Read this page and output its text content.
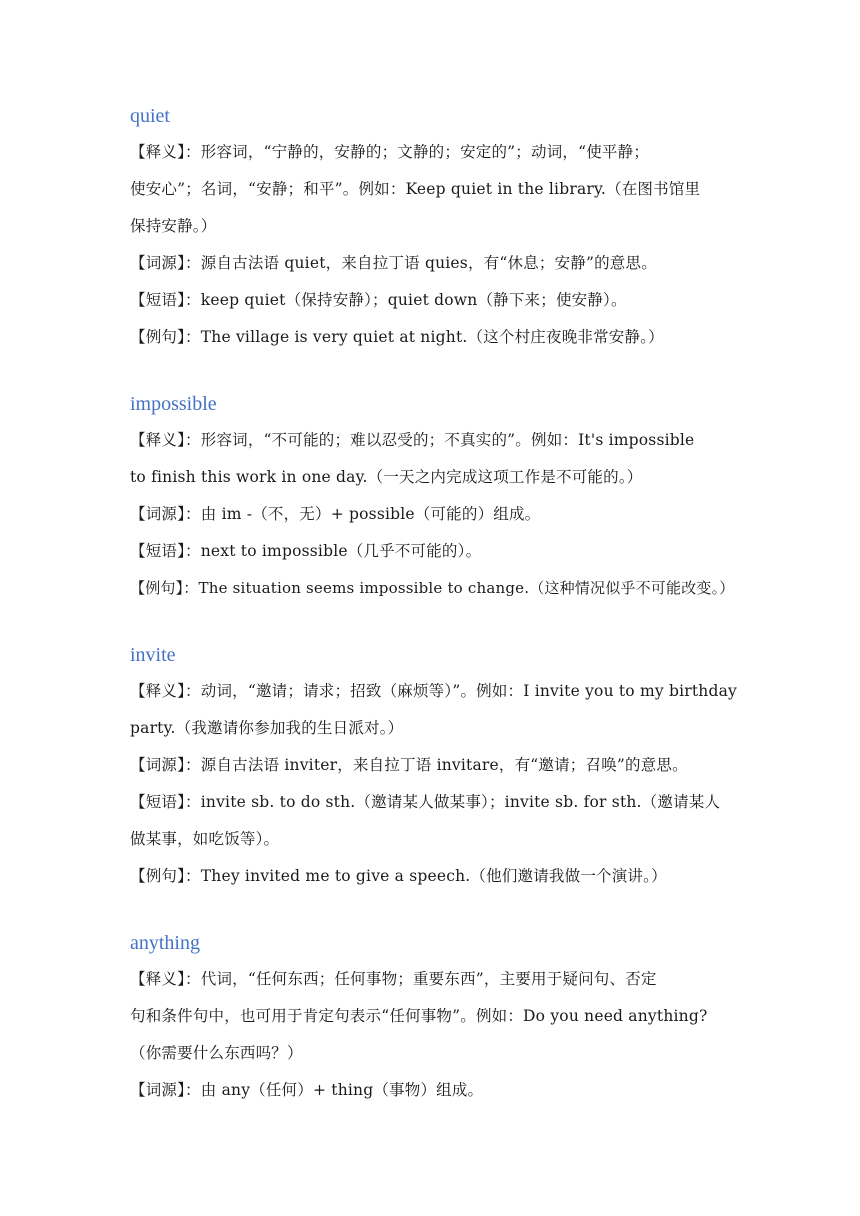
quiet
【释义】：形容词，“宁静的，安静的；文静的；安定的”；动词，“使平静；
使安心”；名词，“安静；和平”。例如：Keep quiet in the library.（在图书馆里
保持安静。）
【词源】：源自古法语 quiet，来自拉丁语 quies，有“休息；安静”的意思。
【短语】：keep quiet（保持安静）；quiet down（静下来；使安静）。
【例句】：The village is very quiet at night.（这个村庄夜晚非常安静。）
impossible
【释义】：形容词，“不可能的；难以忍受的；不真实的”。例如：It's impossible
to finish this work in one day.（一天之内完成这项工作是不可能的。）
【词源】：由 im -（不，无）+ possible（可能的）组成。
【短语】：next to impossible（几乎不可能的）。
【例句】：The situation seems impossible to change.（这种情况似乎不可能改变。）
invite
【释义】：动词，“邀请；请求；招致（麻烦等）”。例如：I invite you to my birthday
party.（我邀请你参加我的生日派对。）
【词源】：源自古法语 inviter，来自拉丁语 invitare，有“邀请；召唤”的意思。
【短语】：invite sb. to do sth.（邀请某人做某事）；invite sb. for sth.（邀请某人
做某事，如吃饭等）。
【例句】：They invited me to give a speech.（他们邀请我做一个演讲。）
anything
【释义】：代词，“任何东西；任何事物；重要东西”，主要用于疑问句、否定
句和条件句中，也可用于肯定句表示“任何事物”。例如：Do you need anything?
（你需要什么东西吗？）
【词源】：由 any（任何）+ thing（事物）组成。
